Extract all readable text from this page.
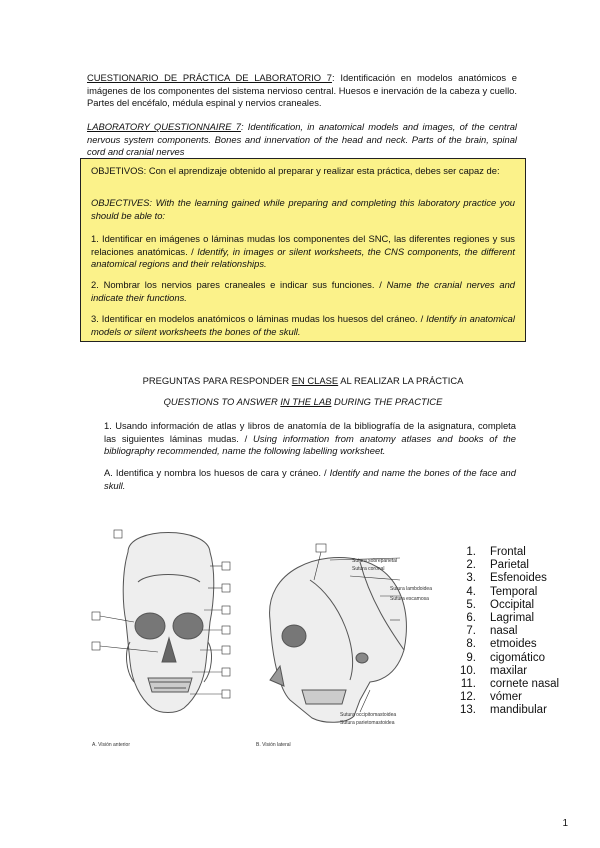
CUESTIONARIO DE PRÁCTICA DE LABORATORIO 7: Identificación en modelos anatómicos e imágenes de los componentes del sistema nervioso central. Huesos e inervación de la cabeza y cuello. Partes del encéfalo, médula espinal y nervios craneales.
LABORATORY QUESTIONNAIRE 7: Identification, in anatomical models and images, of the central nervous system components. Bones and innervation of the head and neck. Parts of the brain, spinal cord and cranial nerves
OBJETIVOS: Con el aprendizaje obtenido al preparar y realizar esta práctica, debes ser capaz de:
OBJECTIVES: With the learning gained while preparing and completing this laboratory practice you should be able to:
1. Identificar en imágenes o láminas mudas los componentes del SNC, las diferentes regiones y sus relaciones anatómicas. / Identify, in images or silent worksheets, the CNS components, the different anatomical regions and their relationships.
2. Nombrar los nervios pares craneales e indicar sus funciones. / Name the cranial nerves and indicate their functions.
3. Identificar en modelos anatómicos o láminas mudas los huesos del cráneo. / Identify in anatomical models or silent worksheets the bones of the skull.
PREGUNTAS PARA RESPONDER EN CLASE AL REALIZAR LA PRÁCTICA
QUESTIONS TO ANSWER IN THE LAB DURING THE PRACTICE
1. Usando información de atlas y libros de anatomía de la bibliografía de la asignatura, completa las siguientes láminas mudas. / Using information from anatomy atlases and books of the bibliography recommended, name the following labelling worksheet.
A. Identifica y nombra los huesos de cara y cráneo. / Identify and name the bones of the face and skull.
A. Visión anterior
Sutura sobreparietal
Sutura coronal
Sutura lambdoidea
Sutura escamosa
Sutura occipitomastoidea
Sutura parietomastoidea
B. Visión lateral
1.	Frontal
2.	Parietal
3.	Esfenoides
4.	Temporal
5.	Occipital
6.	Lagrimal
7.	nasal
8.	etmoides
9.	cigomático
10.	maxilar
11.	cornete nasal
12.	vómer
13.	mandibular
1
